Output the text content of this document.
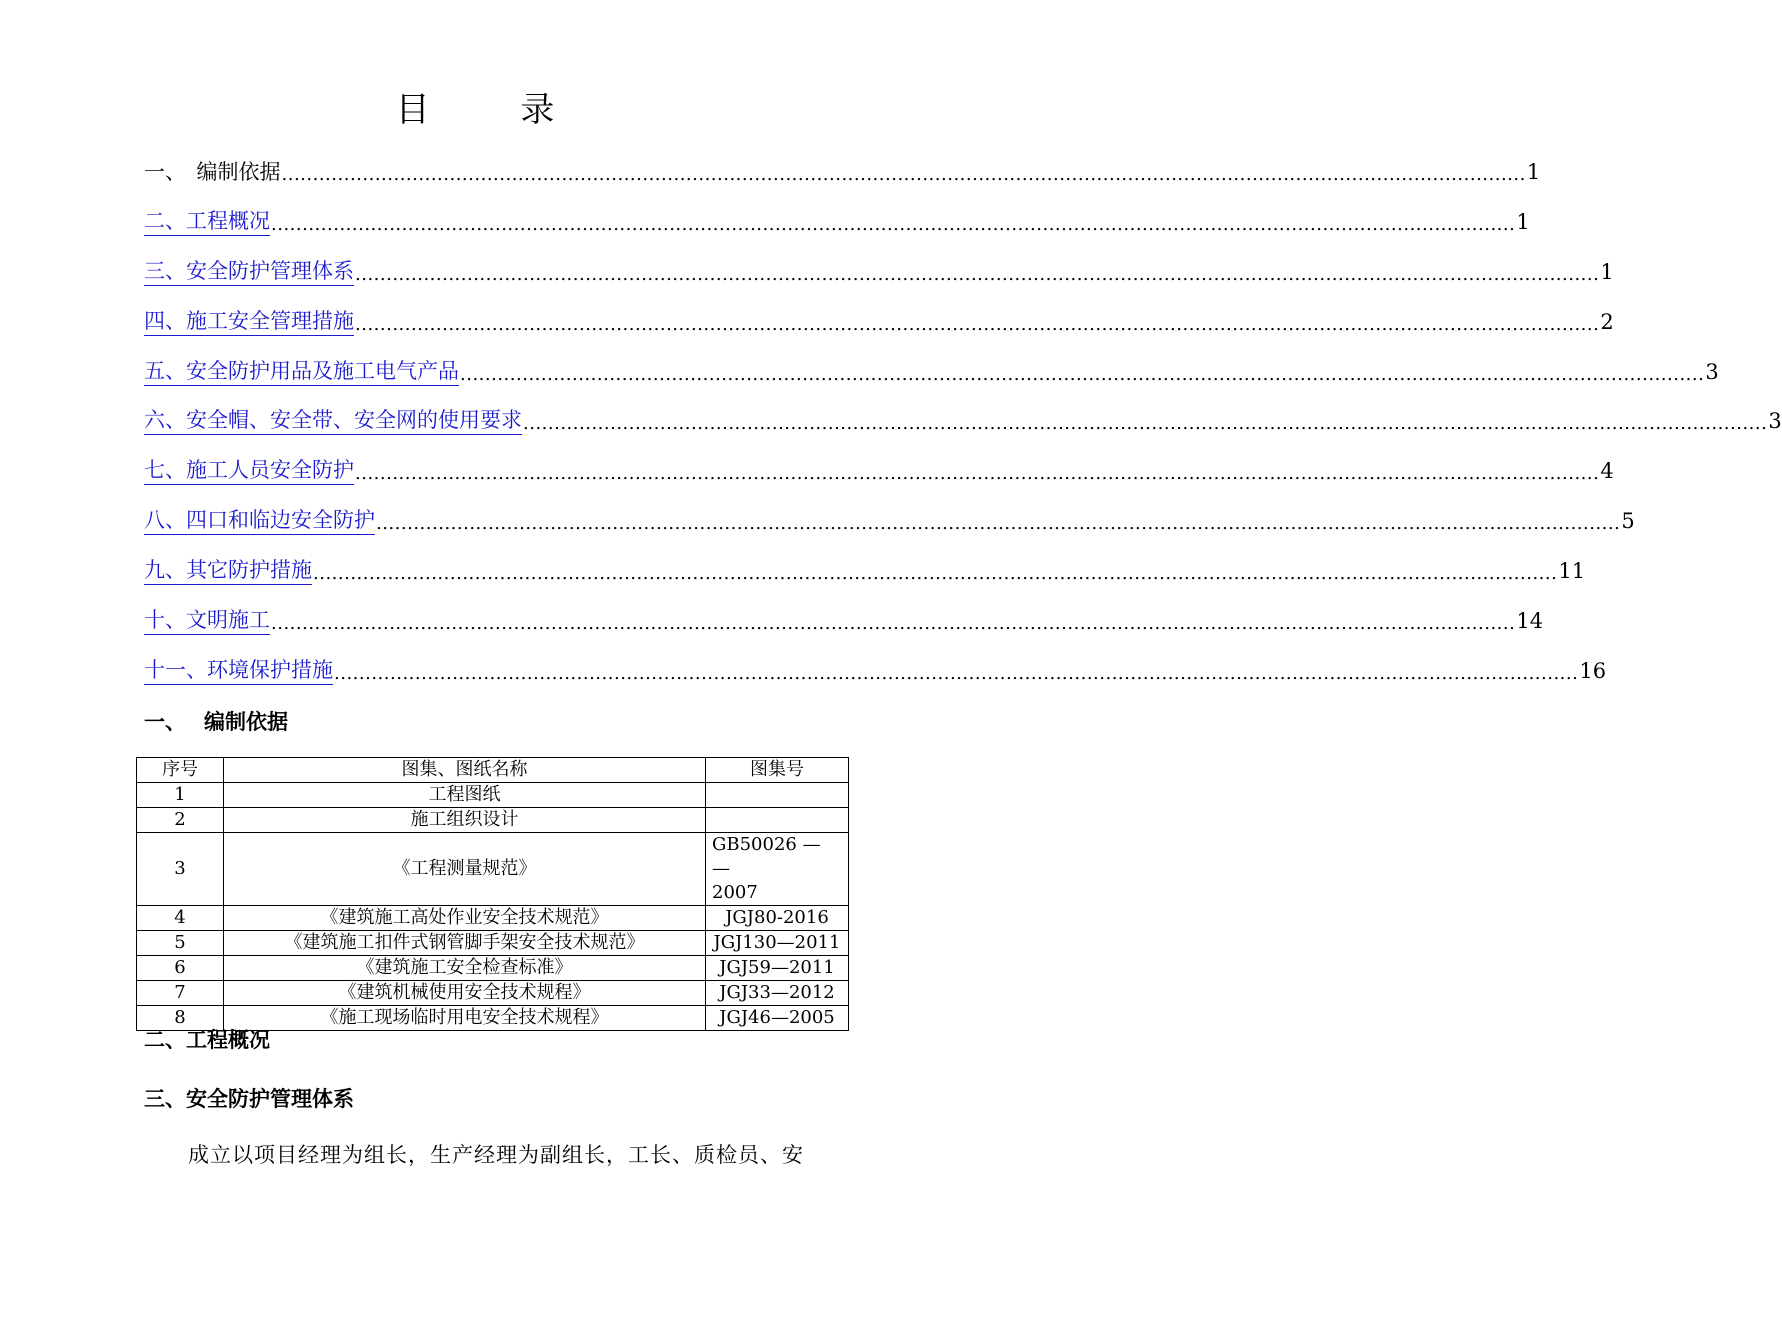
目 录
一、　编制依据 ........................................................................................................................................................................................................ 1
二、工程概况 ........................................................................................................................................................................................................ 1
三、安全防护管理体系 ........................................................................................................................................................................................................ 1
四、施工安全管理措施 ........................................................................................................................................................................................................ 2
五、安全防护用品及施工电气产品 ........................................................................................................................................................................................................ 3
六、安全帽、安全带、安全网的使用要求 ........................................................................................................................................................................................................ 3
七、施工人员安全防护 ........................................................................................................................................................................................................ 4
八、四口和临边安全防护 ........................................................................................................................................................................................................ 5
九、其它防护措施 ........................................................................................................................................................................................................ 11
十、文明施工 ........................................................................................................................................................................................................ 14
十一、环境保护措施 ........................................................................................................................................................................................................ 16
一、 编制依据
序号	图集、图纸名称	图集号
1	工程图纸	
2	施工组织设计	
3	《工程测量规范》	GB50026 — —
2007
4	《建筑施工高处作业安全技术规范》	JGJ80-2016
5	《建筑施工扣件式钢管脚手架安全技术规范》	JGJ130—2011
6	《建筑施工安全检查标准》	JGJ59—2011
7	《建筑机械使用安全技术规程》	JGJ33—2012
8	《施工现场临时用电安全技术规程》	JGJ46—2005
二、工程概况
三、安全防护管理体系
成立以项目经理为组长，生产经理为副组长，工长、质检员、安
